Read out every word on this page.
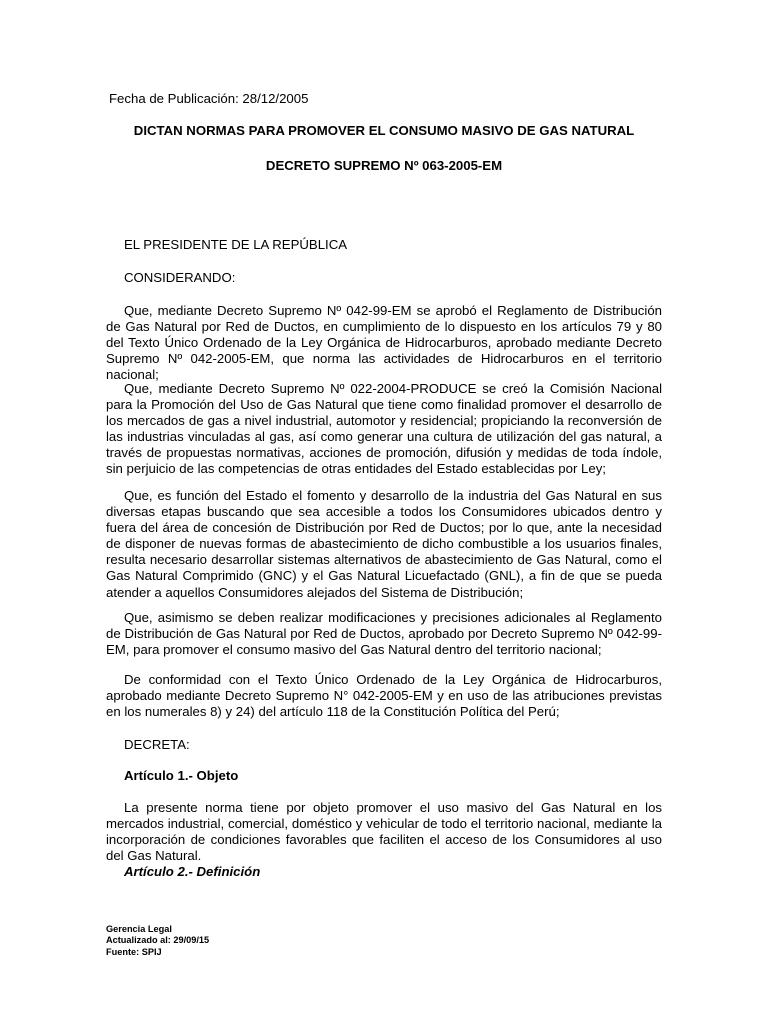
Fecha de Publicación: 28/12/2005
DICTAN NORMAS PARA PROMOVER EL CONSUMO MASIVO DE GAS NATURAL
DECRETO SUPREMO Nº 063-2005-EM
EL PRESIDENTE DE LA REPÚBLICA
CONSIDERANDO:

Que, mediante Decreto Supremo Nº 042-99-EM se aprobó el Reglamento de Distribución de Gas Natural por Red de Ductos, en cumplimiento de lo dispuesto en los artículos 79 y 80 del Texto Único Ordenado de la Ley Orgánica de Hidrocarburos, aprobado mediante Decreto Supremo Nº 042-2005-EM, que norma las actividades de Hidrocarburos en el territorio nacional;

Que, mediante Decreto Supremo Nº 022-2004-PRODUCE se creó la Comisión Nacional para la Promoción del Uso de Gas Natural que tiene como finalidad promover el desarrollo de los mercados de gas a nivel industrial, automotor y residencial; propiciando la reconversión de las industrias vinculadas al gas, así como generar una cultura de utilización del gas natural, a través de propuestas normativas, acciones de promoción, difusión y medidas de toda índole, sin perjuicio de las competencias de otras entidades del Estado establecidas por Ley;

Que, es función del Estado el fomento y desarrollo de la industria del Gas Natural en sus diversas etapas buscando que sea accesible a todos los Consumidores ubicados dentro y fuera del área de concesión de Distribución por Red de Ductos; por lo que, ante la necesidad de disponer de nuevas formas de abastecimiento de dicho combustible a los usuarios finales, resulta necesario desarrollar sistemas alternativos de abastecimiento de Gas Natural, como el Gas Natural Comprimido (GNC) y el Gas Natural Licuefactado (GNL), a fin de que se pueda atender a aquellos Consumidores alejados del Sistema de Distribución;

Que, asimismo se deben realizar modificaciones y precisiones adicionales al Reglamento de Distribución de Gas Natural por Red de Ductos, aprobado por Decreto Supremo Nº 042-99-EM, para promover el consumo masivo del Gas Natural dentro del territorio nacional;

De conformidad con el Texto Único Ordenado de la Ley Orgánica de Hidrocarburos, aprobado mediante Decreto Supremo N° 042-2005-EM y en uso de las atribuciones previstas en los numerales 8) y 24) del artículo 118 de la Constitución Política del Perú;

DECRETA:
Artículo 1.- Objeto

La presente norma tiene por objeto promover el uso masivo del Gas Natural en los mercados industrial, comercial, doméstico y vehicular de todo el territorio nacional, mediante la incorporación de condiciones favorables que faciliten el acceso de los Consumidores al uso del Gas Natural.

Artículo 2.- Definición
Gerencia Legal
Actualizado al: 29/09/15
Fuente: SPIJ
